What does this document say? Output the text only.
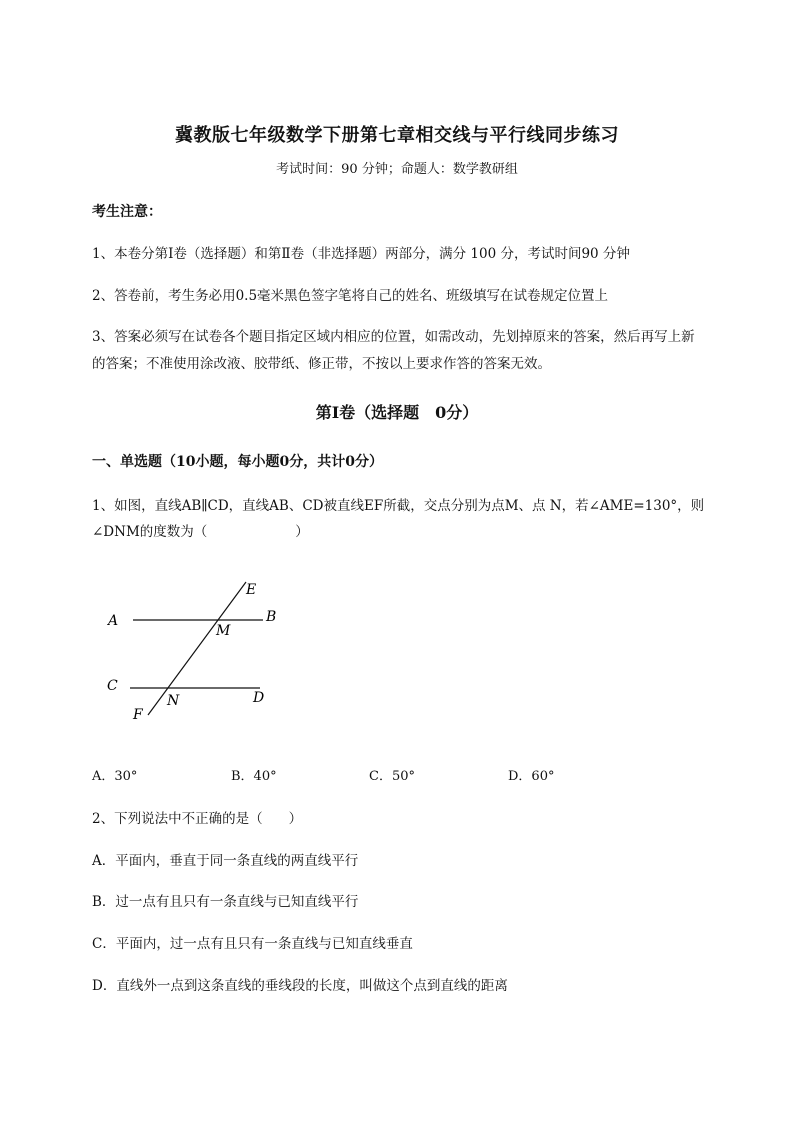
冀教版七年级数学下册第七章相交线与平行线同步练习
考试时间：90 分钟；命题人：数学教研组
考生注意：
1、本卷分第Ⅰ卷（选择题）和第Ⅱ卷（非选择题）两部分，满分 100 分，考试时间90 分钟
2、答卷前，考生务必用0.5毫米黑色签字笔将自己的姓名、班级填写在试卷规定位置上
3、答案必须写在试卷各个题目指定区域内相应的位置，如需改动，先划掉原来的答案，然后再写上新
的答案；不准使用涂改液、胶带纸、修正带，不按以上要求作答的答案无效。
第Ⅰ卷（选择题　0分）
一、单选题（10小题，每小题0分，共计0分）
1、如图，直线AB∥CD，直线AB、CD被直线EF所截，交点分别为点M、点 N，若∠AME=130°，则
∠DNM的度数为（	）
A	B
C
D
E
F
M
N
A．30°	B．40°	C．50°	D．60°
2、下列说法中不正确的是（ ）
A．平面内，垂直于同一条直线的两直线平行
B．过一点有且只有一条直线与已知直线平行
C．平面内，过一点有且只有一条直线与已知直线垂直
D．直线外一点到这条直线的垂线段的长度，叫做这个点到直线的距离
